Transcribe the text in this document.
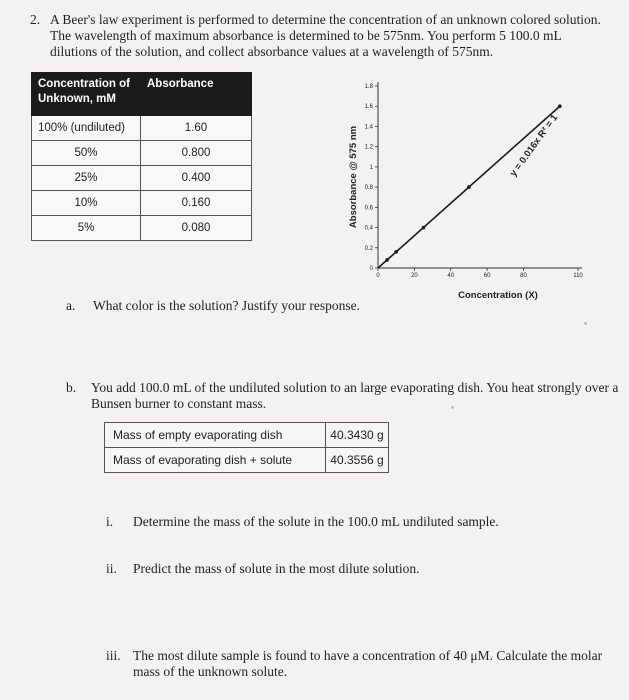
2. A Beer's law experiment is performed to determine the concentration of an unknown colored solution. The wavelength of maximum absorbance is determined to be 575nm. You perform 5 100.0 mL dilutions of the solution, and collect absorbance values at a wavelength of 575nm.
Concentration of Unknown, mM	Absorbance
100% (undiluted)	1.60
50%	0.800
25%	0.400
10%	0.160
5%	0.080
0
0.2
0.4
0.6
0.8
1
1.2
1.4
1.6
1.8
0	20	40	60	80	110
y = 0.016x R² = 1
Absorbance @ 575 nm
Concentration (X)
a. What color is the solution? Justify your response.
b. You add 100.0 mL of the undiluted solution to an large evaporating dish. You heat strongly over a Bunsen burner to constant mass.
Mass of empty evaporating dish	40.3430 g
Mass of evaporating dish + solute	40.3556 g
i. Determine the mass of the solute in the 100.0 mL undiluted sample.
ii. Predict the mass of solute in the most dilute solution.
iii. The most dilute sample is found to have a concentration of 40 μM. Calculate the molar mass of the unknown solute.
